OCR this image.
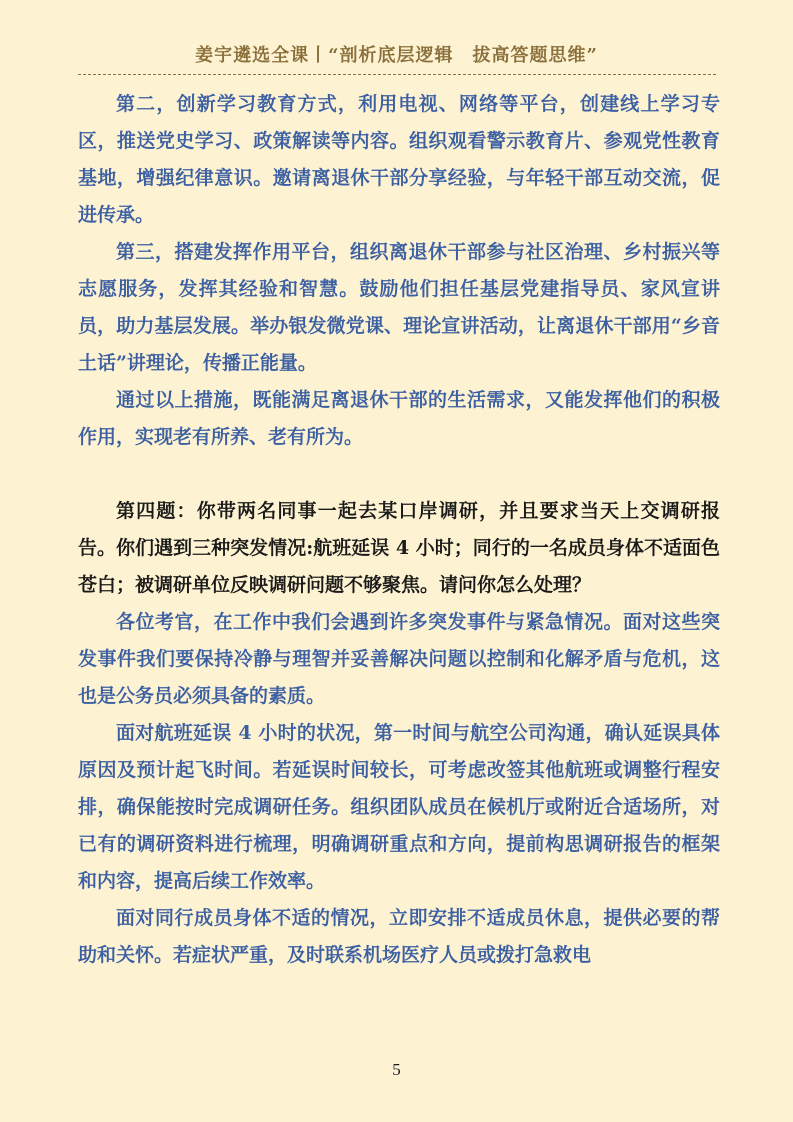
姜宇遴选全课丨“剖析底层逻辑　拔高答题思维”

第二，创新学习教育方式，利用电视、网络等平台，创建线上学习专区，推送党史学习、政策解读等内容。组织观看警示教育片、参观党性教育基地，增强纪律意识。邀请离退休干部分享经验，与年轻干部互动交流，促进传承。

第三，搭建发挥作用平台，组织离退休干部参与社区治理、乡村振兴等志愿服务，发挥其经验和智慧。鼓励他们担任基层党建指导员、家风宣讲员，助力基层发展。举办银发微党课、理论宣讲活动，让离退休干部用“乡音土话”讲理论，传播正能量。

通过以上措施，既能满足离退休干部的生活需求，又能发挥他们的积极作用，实现老有所养、老有所为。

第四题：你带两名同事一起去某口岸调研，并且要求当天上交调研报告。你们遇到三种突发情况:航班延误 4 小时；同行的一名成员身体不适面色苍白；被调研单位反映调研问题不够聚焦。请问你怎么处理？

各位考官，在工作中我们会遇到许多突发事件与紧急情况。面对这些突发事件我们要保持冷静与理智并妥善解决问题以控制和化解矛盾与危机，这也是公务员必须具备的素质。

面对航班延误 4 小时的状况，第一时间与航空公司沟通，确认延误具体原因及预计起飞时间。若延误时间较长，可考虑改签其他航班或调整行程安排，确保能按时完成调研任务。组织团队成员在候机厅或附近合适场所，对已有的调研资料进行梳理，明确调研重点和方向，提前构思调研报告的框架和内容，提高后续工作效率。

面对同行成员身体不适的情况，立即安排不适成员休息，提供必要的帮助和关怀。若症状严重，及时联系机场医疗人员或拨打急救电

5
